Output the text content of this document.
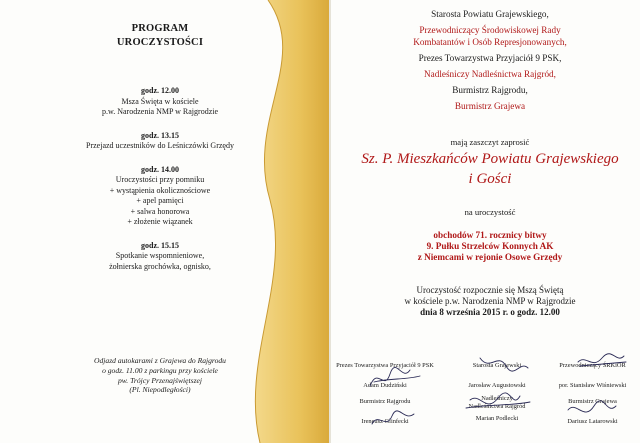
PROGRAM
UROCZYSTOŚCI
godz. 12.00
Msza Święta w kościele
p.w. Narodzenia NMP w Rajgrodzie
godz. 13.15
Przejazd uczestników do Leśniczówki Grzędy
godz. 14.00
Uroczystości przy pomniku
+ wystąpienia okolicznościowe
+ apel pamięci
+ salwa honorowa
+ złożenie wiązanek
godz. 15.15
Spotkanie wspomnieniowe,
żołnierska grochówka, ognisko,
Odjazd autokarami z Grajewa do Rajgrodu
o godz. 11.00 z parkingu przy kościele
pw. Trójcy Przenajświętszej
(Pl. Niepodległości)
Starosta Powiatu Grajewskiego,
Przewodniczący Środowiskowej Rady
Kombatantów i Osób Represjonowanych,
Prezes Towarzystwa Przyjaciół 9 PSK,
Nadleśniczy Nadleśnictwa Rajgród,
Burmistrz Rajgrodu,
Burmistrz Grajewa
mają zaszczyt zaprosić
Sz. P. Mieszkańców Powiatu Grajewskiego
i Gości
na uroczystość
obchodów 71. rocznicy bitwy
9. Pułku Strzelców Konnych AK
z Niemcami w rejonie Osowe Grzędy
Uroczystość rozpocznie się Mszą Świętą
w kościele p.w. Narodzenia NMP w Rajgrodzie
dnia 8 września 2015 r. o godz. 12.00
Prezes Towarzystwa Przyjaciół 9 PSK
Adam Dudziński
Starosta Grajewski
Jarosław Augustowski
Przewodniczący ŚRKiOR
por. Stanisław Wiśniewski
Burmistrz Rajgrodu
Ireneusz Glinfecki
Nadleśniczy Nadleśnictwa Rajgród
Marian Podlecki
Burmistrz Grajewa
Dariusz Latarowski
